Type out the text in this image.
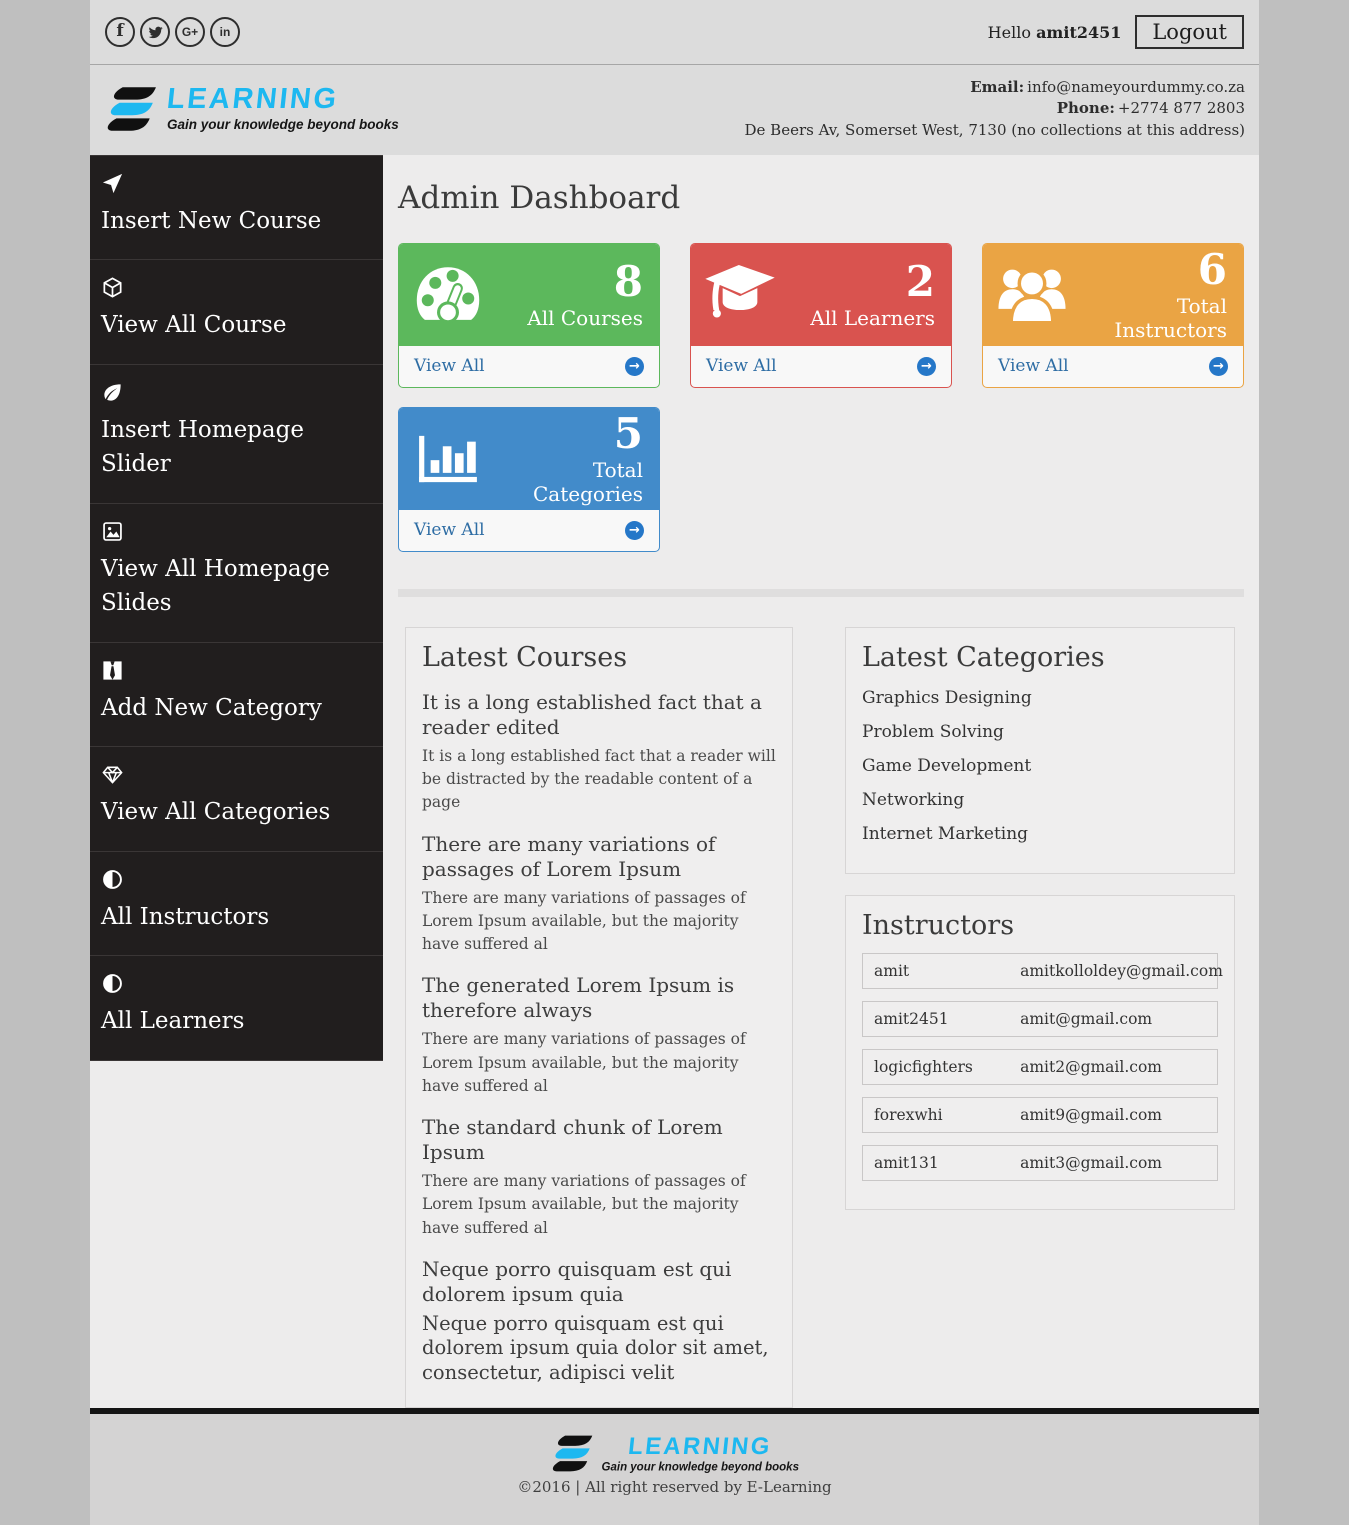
f	G+ in	Hello amit2451	Logout
LEARNING
Gain your knowledge beyond books
Email: info@nameyourdummy.co.za
Phone: +2774 877 2803
De Beers Av, Somerset West, 7130 (no collections at this address)
Insert New Course
View All Course
Insert Homepage Slider
View All Homepage Slides
Add New Category
View All Categories
All Instructors
All Learners
Admin Dashboard
8
All Courses
View All	→
2
All Learners
View All	→
6
Total Instructors
View All	→
5
Total Categories
View All	→
Latest Courses
It is a long established fact that a reader edited
It is a long established fact that a reader will be distracted by the readable content of a page
There are many variations of passages of Lorem Ipsum
There are many variations of passages of Lorem Ipsum available, but the majority have suffered al
The generated Lorem Ipsum is therefore always
There are many variations of passages of Lorem Ipsum available, but the majority have suffered al
The standard chunk of Lorem Ipsum
There are many variations of passages of Lorem Ipsum available, but the majority have suffered al
Neque porro quisquam est qui dolorem ipsum quia
Neque porro quisquam est qui dolorem ipsum quia dolor sit amet, consectetur, adipisci velit
Latest Categories
Graphics Designing
Problem Solving
Game Development
Networking
Internet Marketing
Instructors
amit	amitkolloldey@gmail.com
amit2451	amit@gmail.com
logicfighters	amit2@gmail.com
forexwhi	amit9@gmail.com
amit131	amit3@gmail.com
LEARNING
Gain your knowledge beyond books
©2016 | All right reserved by E-Learning
